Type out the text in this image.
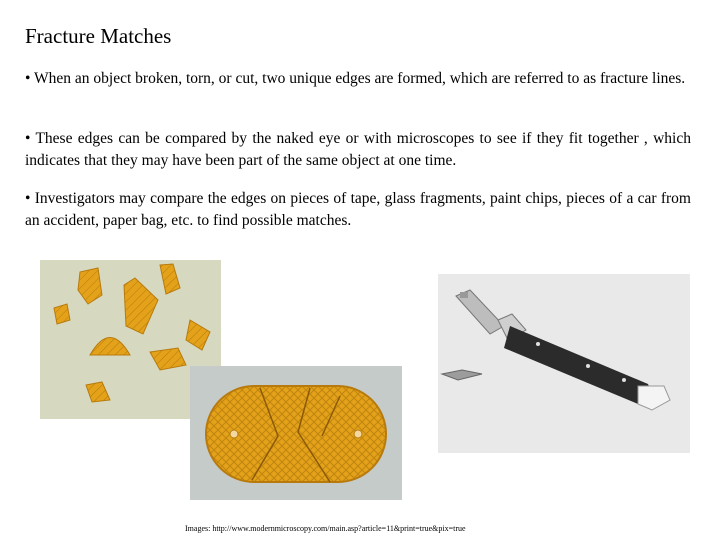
Fracture Matches
• When an object broken, torn, or cut, two unique edges are formed, which are referred to as fracture lines.
• These edges can be compared by the naked eye or with microscopes to see if they fit together , which indicates that they may have been part of the same object at one time.
• Investigators may compare the edges on pieces of tape, glass fragments, paint chips, pieces of a car from an accident, paper bag, etc. to find possible matches.
Images: http://www.modernmicroscopy.com/main.asp?article=11&print=true&pix=true
